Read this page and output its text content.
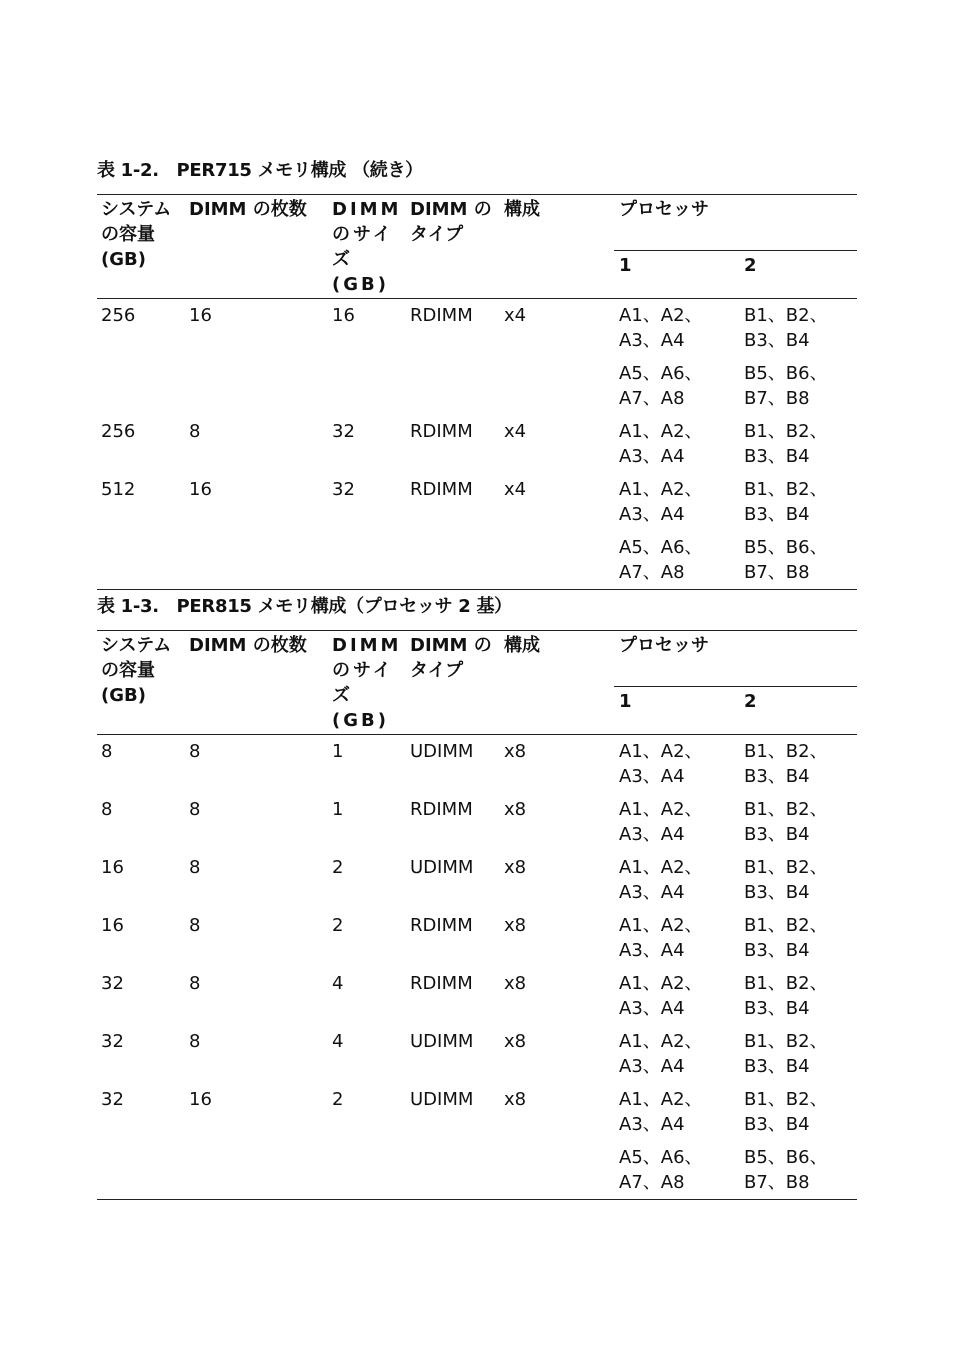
表 1-2.　PER715 メモリ構成 （続き）
システムの容量 (GB)	DIMM の枚数	DIMM のサイズ (GB)	DIMM のタイプ	構成	プロセッサ	
					1	2
256	16	16	RDIMM	x4	A1、A2、
A3、A4	B1、B2、
B3、B4

					A5、A6、
A7、A8	B5、B6、
B7、B8

256	8	32	RDIMM	x4	A1、A2、
A3、A4	B1、B2、
B3、B4

512	16	32	RDIMM	x4	A1、A2、
A3、A4	B1、B2、
B3、B4

					A5、A6、
A7、A8	B5、B6、
B7、B8
表 1-3.　PER815 メモリ構成（プロセッサ 2 基）
システムの容量 (GB)	DIMM の枚数	DIMM のサイズ (GB)	DIMM のタイプ	構成	プロセッサ	
					1	2
8	8	1	UDIMM	x8	A1、A2、
A3、A4	B1、B2、
B3、B4

8	8	1	RDIMM	x8	A1、A2、
A3、A4	B1、B2、
B3、B4

16	8	2	UDIMM	x8	A1、A2、
A3、A4	B1、B2、
B3、B4

16	8	2	RDIMM	x8	A1、A2、
A3、A4	B1、B2、
B3、B4

32	8	4	RDIMM	x8	A1、A2、
A3、A4	B1、B2、
B3、B4

32	8	4	UDIMM	x8	A1、A2、
A3、A4	B1、B2、
B3、B4

32	16	2	UDIMM	x8	A1、A2、
A3、A4	B1、B2、
B3、B4

					A5、A6、
A7、A8	B5、B6、
B7、B8
